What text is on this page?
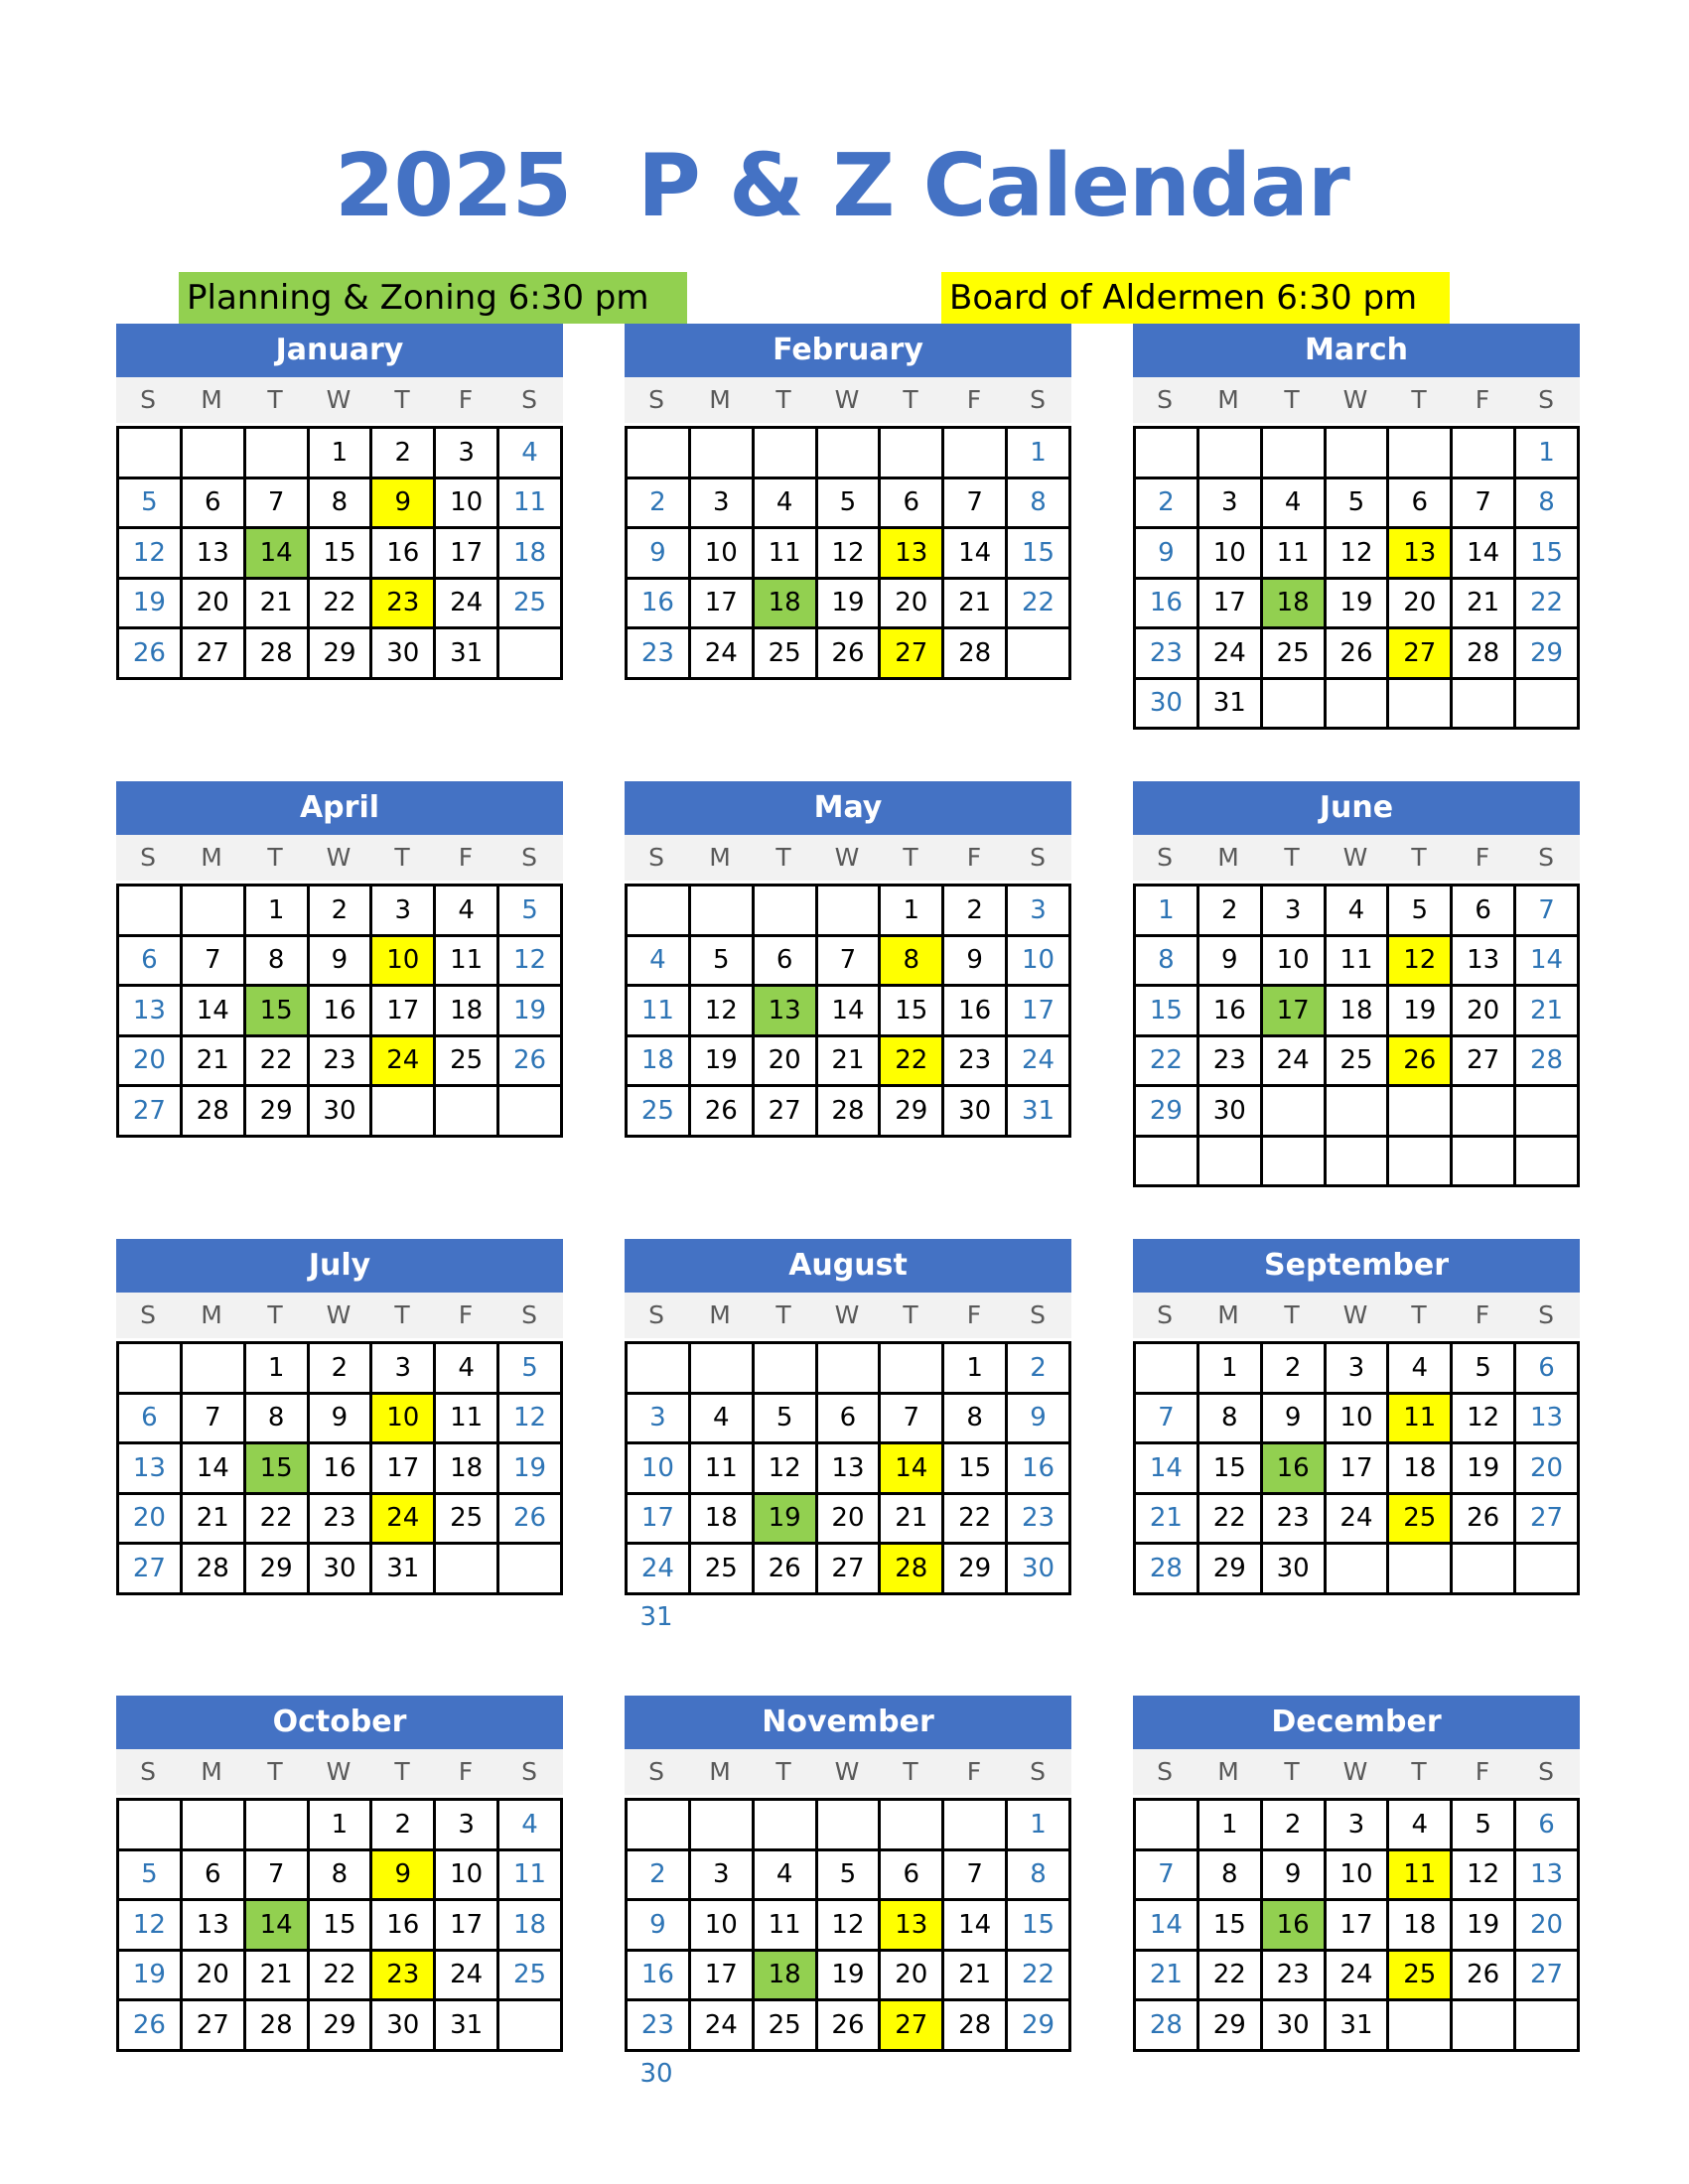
2025 P & Z Calendar
Planning & Zoning 6:30 pm	Board of Aldermen 6:30 pm
January
S	M	T	W	T	F	S
			1	2	3	4
5	6	7	8	9	10	11
12	13	14	15	16	17	18
19	20	21	22	23	24	25
26	27	28	29	30	31	
February
S	M	T	W	T	F	S
						1
2	3	4	5	6	7	8
9	10	11	12	13	14	15
16	17	18	19	20	21	22
23	24	25	26	27	28	
March
S	M	T	W	T	F	S
						1
2	3	4	5	6	7	8
9	10	11	12	13	14	15
16	17	18	19	20	21	22
23	24	25	26	27	28	29
30	31					
April
S	M	T	W	T	F	S
		1	2	3	4	5
6	7	8	9	10	11	12
13	14	15	16	17	18	19
20	21	22	23	24	25	26
27	28	29	30			
May
S	M	T	W	T	F	S
				1	2	3
4	5	6	7	8	9	10
11	12	13	14	15	16	17
18	19	20	21	22	23	24
25	26	27	28	29	30	31
June
S	M	T	W	T	F	S
1	2	3	4	5	6	7
8	9	10	11	12	13	14
15	16	17	18	19	20	21
22	23	24	25	26	27	28
29	30					

July
S	M	T	W	T	F	S
		1	2	3	4	5
6	7	8	9	10	11	12
13	14	15	16	17	18	19
20	21	22	23	24	25	26
27	28	29	30	31		
August
S	M	T	W	T	F	S
					1	2
3	4	5	6	7	8	9
10	11	12	13	14	15	16
17	18	19	20	21	22	23
24	25	26	27	28	29	30
31
September
S	M	T	W	T	F	S
	1	2	3	4	5	6
7	8	9	10	11	12	13
14	15	16	17	18	19	20
21	22	23	24	25	26	27
28	29	30				
October
S	M	T	W	T	F	S
			1	2	3	4
5	6	7	8	9	10	11
12	13	14	15	16	17	18
19	20	21	22	23	24	25
26	27	28	29	30	31	
November
S	M	T	W	T	F	S
						1
2	3	4	5	6	7	8
9	10	11	12	13	14	15
16	17	18	19	20	21	22
23	24	25	26	27	28	29
30
December
S	M	T	W	T	F	S
	1	2	3	4	5	6
7	8	9	10	11	12	13
14	15	16	17	18	19	20
21	22	23	24	25	26	27
28	29	30	31			
